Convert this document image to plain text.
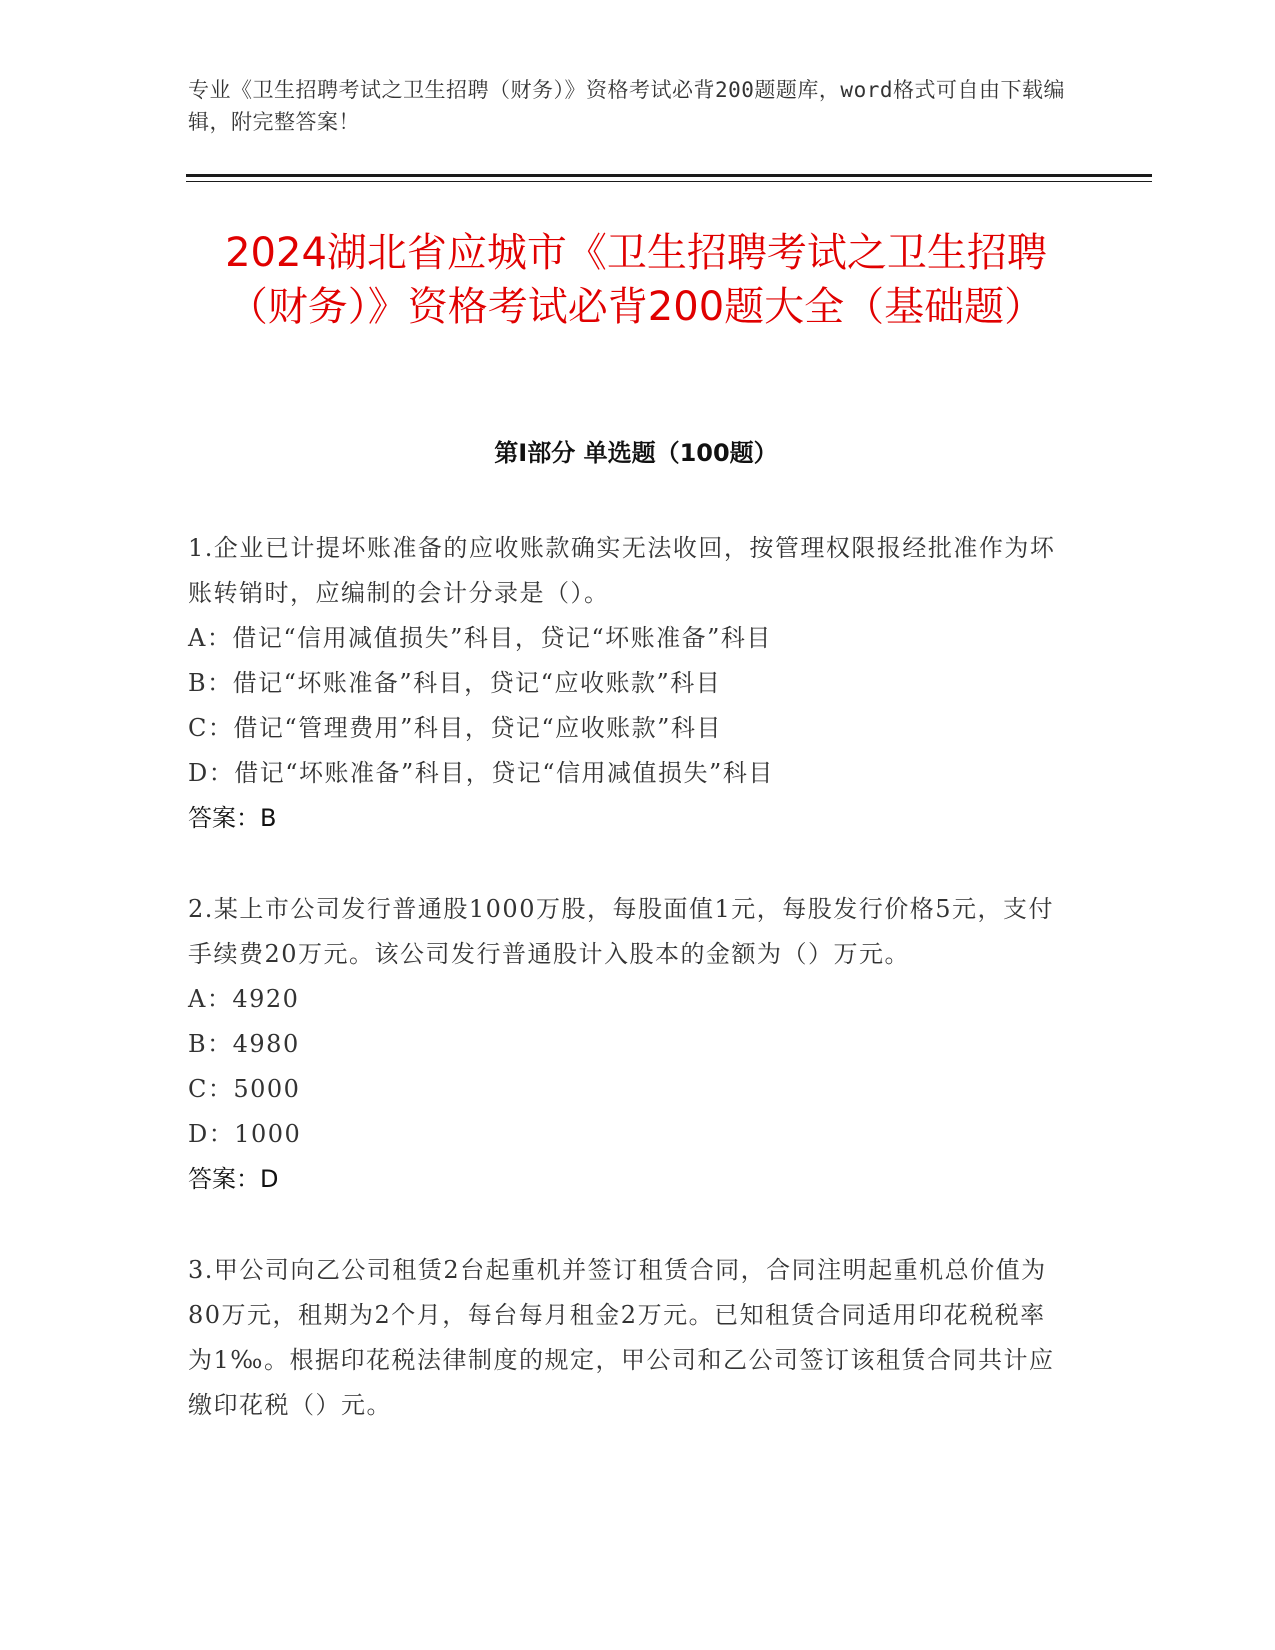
专业《卫生招聘考试之卫生招聘（财务）》资格考试必背200题题库，word格式可自由下载编辑，附完整答案！
2024湖北省应城市《卫生招聘考试之卫生招聘（财务）》资格考试必背200题大全（基础题）
第Ⅰ部分 单选题（100题）
1.企业已计提坏账准备的应收账款确实无法收回，按管理权限报经批准作为坏账转销时，应编制的会计分录是（）。
A：借记“信用减值损失”科目，贷记“坏账准备”科目
B：借记“坏账准备”科目，贷记“应收账款”科目
C：借记“管理费用”科目，贷记“应收账款”科目
D：借记“坏账准备”科目，贷记“信用减值损失”科目
答案：B
2.某上市公司发行普通股1000万股，每股面值1元，每股发行价格5元，支付手续费20万元。该公司发行普通股计入股本的金额为（）万元。
A：4920
B：4980
C：5000
D：1000
答案：D
3.甲公司向乙公司租赁2台起重机并签订租赁合同，合同注明起重机总价值为80万元，租期为2个月，每台每月租金2万元。已知租赁合同适用印花税税率为1‰。根据印花税法律制度的规定，甲公司和乙公司签订该租赁合同共计应缴印花税（）元。
